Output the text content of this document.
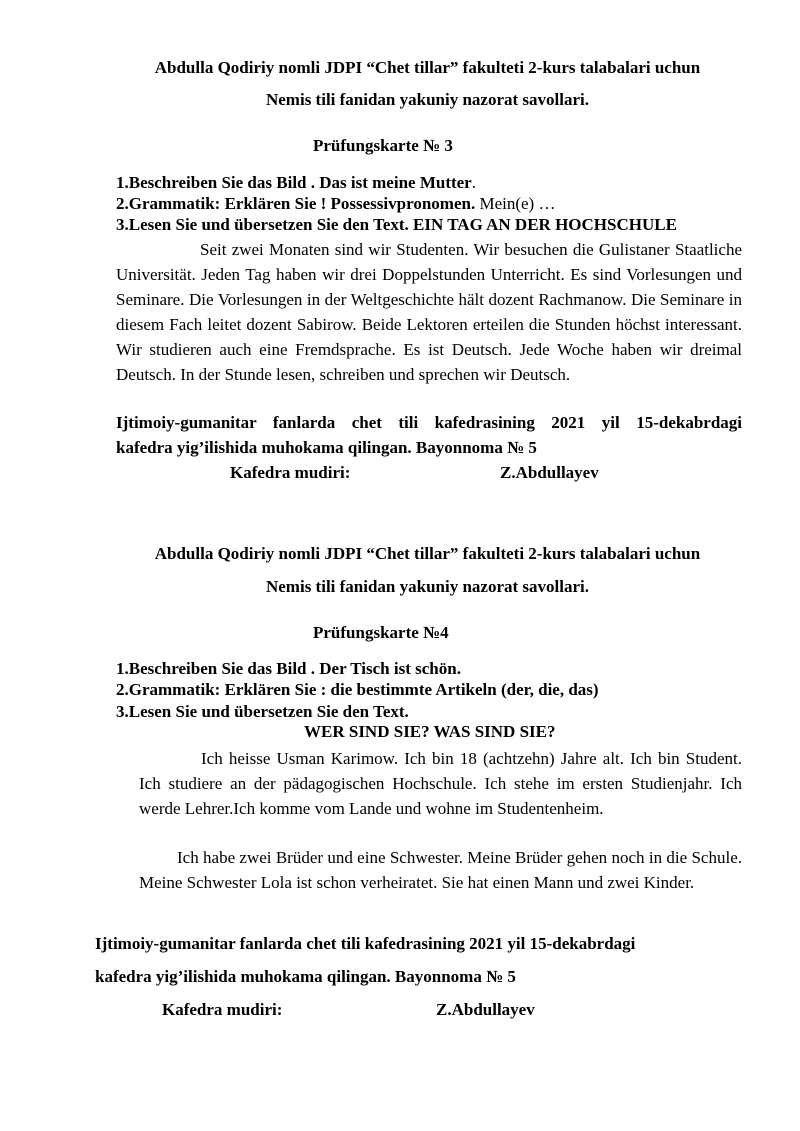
Abdulla Qodiriy nomli JDPI “Chet tillar” fakulteti 2-kurs talabalari uchun

Nemis tili fanidan yakuniy nazorat savollari.

Prüfungskarte № 3
1.Beschreiben Sie das Bild . Das ist meine Mutter.
2.Grammatik: Erklären Sie ! Possessivpronomen. Mein(e) …
3.Lesen Sie und übersetzen Sie den Text. EIN TAG AN DER HOCHSCHULE

Seit zwei Monaten sind wir Studenten. Wir besuchen die Gulistaner Staatliche Universität. Jeden Tag haben wir drei Doppelstunden Unterricht. Es sind Vorlesungen und Seminare. Die Vorlesungen in der Weltgeschichte hält dozent Rachmanow. Die Seminare in diesem Fach leitet dozent Sabirow. Beide Lektoren erteilen die Stunden höchst interessant. Wir studieren auch eine Fremdsprache. Es ist Deutsch. Jede Woche haben wir dreimal Deutsch. In der Stunde lesen, schreiben und sprechen wir Deutsch.

Ijtimoiy-gumanitar fanlarda chet tili kafedrasining 2021 yil 15-dekabrdagi
kafedra yig’ilishida muhokama qilingan. Bayonnoma № 5
Kafedra mudiri:	Z.Abdullayev

Abdulla Qodiriy nomli JDPI “Chet tillar” fakulteti 2-kurs talabalari uchun

Nemis tili fanidan yakuniy nazorat savollari.

Prüfungskarte №4
1.Beschreiben Sie das Bild . Der Tisch ist schön.
2.Grammatik: Erklären Sie : die bestimmte Artikeln (der, die, das)
3.Lesen Sie und übersetzen Sie den Text.
WER SIND SIE? WAS SIND SIE?

Ich heisse Usman Karimow. Ich bin 18 (achtzehn) Jahre alt. Ich bin Student. Ich studiere an der pädagogischen Hochschule. Ich stehe im ersten Studienjahr. Ich werde Lehrer.Ich komme vom Lande und wohne im Studentenheim.

Ich habe zwei Brüder und eine Schwester. Meine Brüder gehen noch in die Schule. Meine Schwester Lola ist schon verheiratet. Sie hat einen Mann und zwei Kinder.

Ijtimoiy-gumanitar fanlarda chet tili kafedrasining 2021 yil 15-dekabrdagi
kafedra yig’ilishida muhokama qilingan. Bayonnoma № 5
Kafedra mudiri:	Z.Abdullayev
